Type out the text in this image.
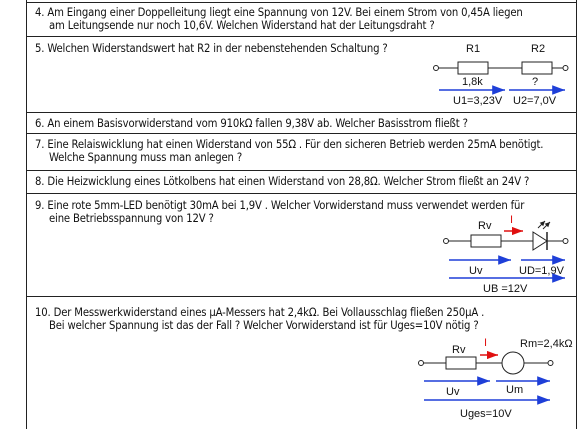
4. Am Eingang einer Doppelleitung liegt eine Spannung von 12V. Bei einem Strom von 0,45A liegen
am Leitungsende nur noch 10,6V. Welchen Widerstand hat der Leitungsdraht ?
5. Welchen Widerstandswert hat R2 in der nebenstehenden Schaltung ?
6. An einem Basisvorwiderstand vom 910kΩ fallen 9,38V ab. Welcher Basisstrom fließt ?
7. Eine Relaiswicklung hat einen Widerstand von 55Ω . Für den sicheren Betrieb werden 25mA benötigt.
Welche Spannung muss man anlegen ?
8. Die Heizwicklung eines Lötkolbens hat einen Widerstand von 28,8Ω. Welcher Strom fließt an 24V ?
9. Eine rote 5mm-LED benötigt 30mA bei 1,9V . Welcher Vorwiderstand muss verwendet werden für
eine Betriebsspannung von 12V ?
10. Der Messwerkwiderstand eines µA-Messers hat 2,4kΩ. Bei Vollausschlag fließen 250µA .
Bei welcher Spannung ist das der Fall ? Welcher Vorwiderstand ist für Uges=10V nötig ?
R1	R2
1,8k	?
U1=3,23V U2=7,0V
Rv I
Uv	UD=1,9V
UB =12V
Rv
I	Rm=2,4kΩ
Uv	Um
Uges=10V
